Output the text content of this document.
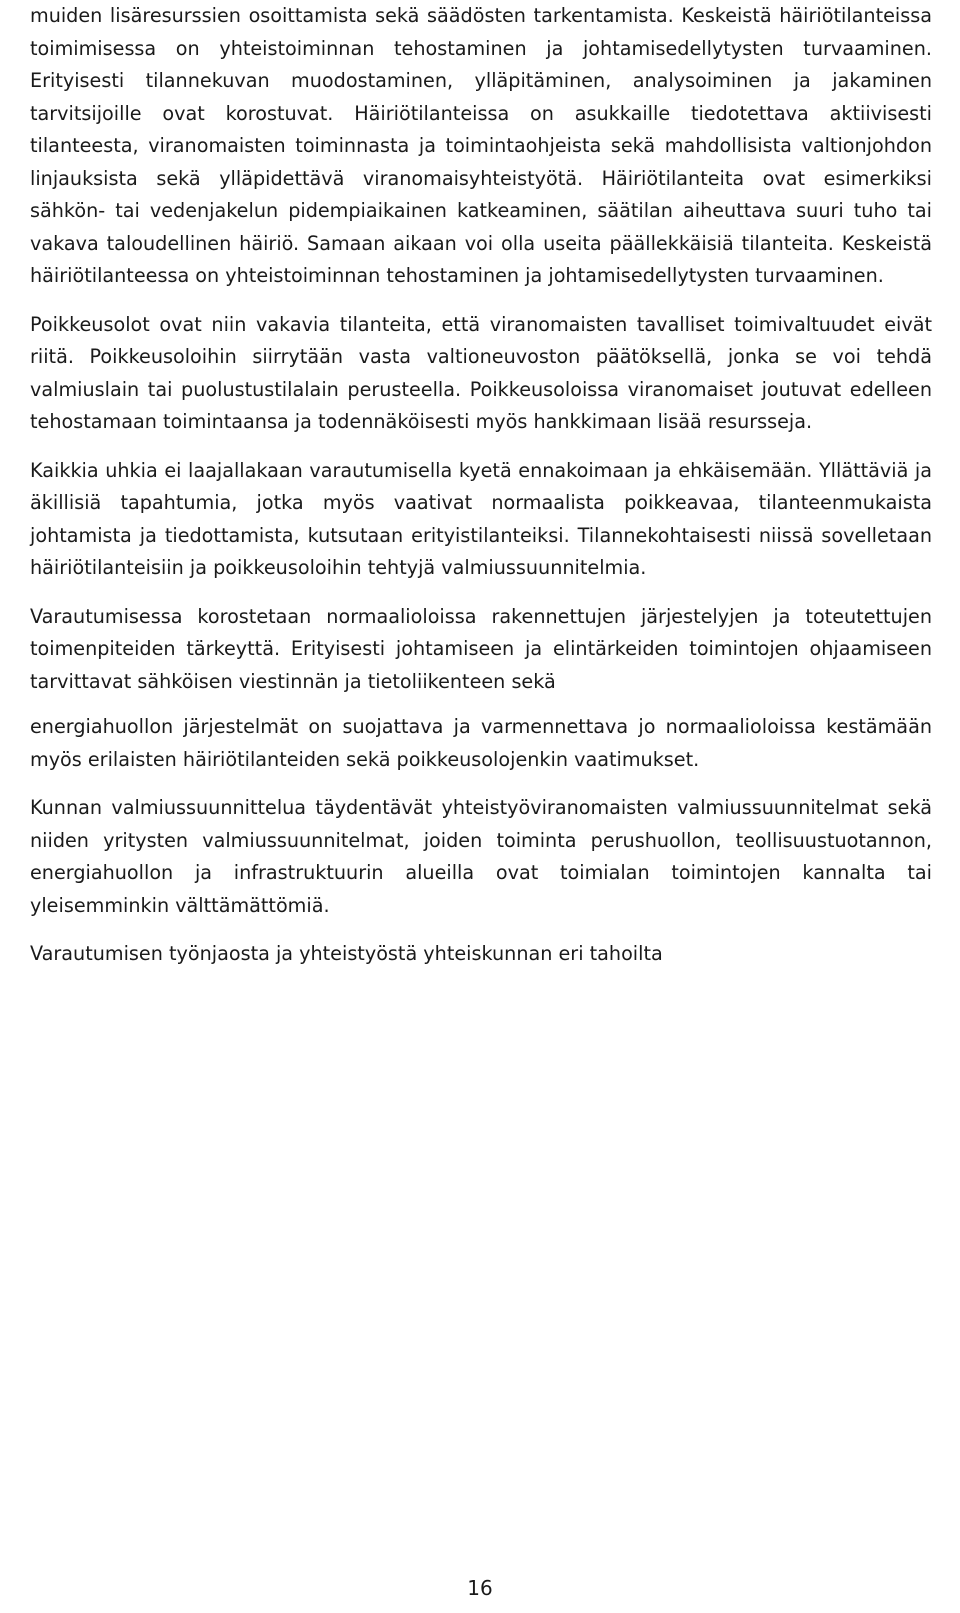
muiden lisäresurssien osoittamista sekä säädösten tarkentamista. Keskeistä häiriötilanteissa toimimisessa on yhteistoiminnan tehostaminen ja johtamisedellytysten turvaaminen. Erityisesti tilannekuvan muodostaminen, ylläpitäminen, analysoiminen ja jakaminen tarvitsijoille ovat korostuvat. Häiriötilanteissa on asukkaille tiedotettava aktiivisesti tilanteesta, viranomaisten toiminnasta ja toimintaohjeista sekä mahdollisista valtionjohdon linjauksista sekä ylläpidettävä viranomaisyhteistyötä. Häiriötilanteita ovat esimerkiksi sähkön- tai vedenjakelun pidempiaikainen katkeaminen, säätilan aiheuttava suuri tuho tai vakava taloudellinen häiriö. Samaan aikaan voi olla useita päällekkäisiä tilanteita. Keskeistä häiriötilanteessa on yhteistoiminnan tehostaminen ja johtamisedellytysten turvaaminen.

Poikkeusolot ovat niin vakavia tilanteita, että viranomaisten tavalliset toimivaltuudet eivät riitä. Poikkeusoloihin siirrytään vasta valtioneuvoston päätöksellä, jonka se voi tehdä valmiuslain tai puolustustilalain perusteella. Poikkeusoloissa viranomaiset joutuvat edelleen tehostamaan toimintaansa ja todennäköisesti myös hankkimaan lisää resursseja.

Kaikkia uhkia ei laajallakaan varautumisella kyetä ennakoimaan ja ehkäisemään. Yllättäviä ja äkillisiä tapahtumia, jotka myös vaativat normaalista poikkeavaa, tilanteenmukaista johtamista ja tiedottamista, kutsutaan erityistilanteiksi. Tilannekohtaisesti niissä sovelletaan häiriötilanteisiin ja poikkeusoloihin tehtyjä valmiussuunnitelmia.

Varautumisessa korostetaan normaalioloissa rakennettujen järjestelyjen ja toteutettujen toimenpiteiden tärkeyttä. Erityisesti johtamiseen ja elintärkeiden toimintojen ohjaamiseen tarvittavat sähköisen viestinnän ja tietoliikenteen sekä

energiahuollon järjestelmät on suojattava ja varmennettava jo normaalioloissa kestämään myös erilaisten häiriötilanteiden sekä poikkeusolojenkin vaatimukset.

Kunnan valmiussuunnittelua täydentävät yhteistyöviranomaisten valmiussuunnitelmat sekä niiden yritysten valmiussuunnitelmat, joiden toiminta perushuollon, teollisuustuotannon, energiahuollon ja infrastruktuurin alueilla ovat toimialan toimintojen kannalta tai yleisemminkin välttämättömiä.

Varautumisen työnjaosta ja yhteistyöstä yhteiskunnan eri tahoilta

16
